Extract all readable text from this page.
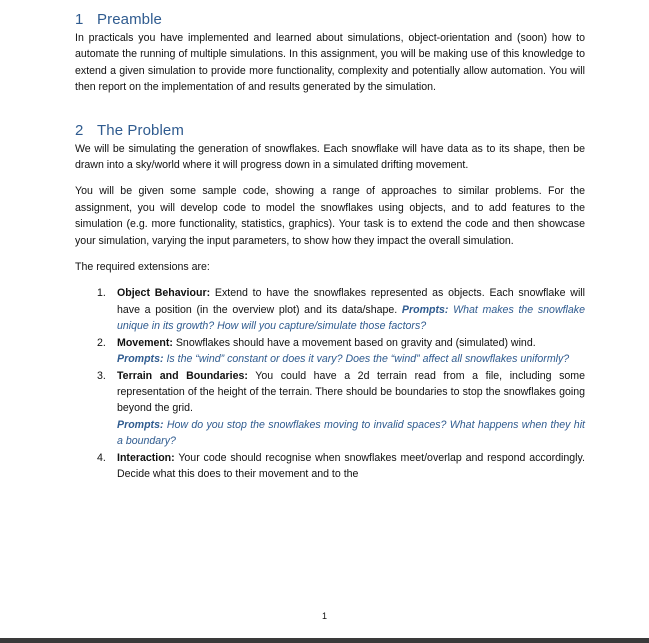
1 Preamble

In practicals you have implemented and learned about simulations, object-orientation and (soon) how to automate the running of multiple simulations. In this assignment, you will be making use of this knowledge to extend a given simulation to provide more functionality, complexity and potentially allow automation. You will then report on the implementation of and results generated by the simulation.

2 The Problem

We will be simulating the generation of snowflakes. Each snowflake will have data as to its shape, then be drawn into a sky/world where it will progress down in a simulated drifting movement.

You will be given some sample code, showing a range of approaches to similar problems. For the assignment, you will develop code to model the snowflakes using objects, and to add features to the simulation (e.g. more functionality, statistics, graphics). Your task is to extend the code and then showcase your simulation, varying the input parameters, to show how they impact the overall simulation.

The required extensions are:

1. Object Behaviour: Extend to have the snowflakes represented as objects. Each snowflake will have a position (in the overview plot) and its data/shape. Prompts: What makes the snowflake unique in its growth? How will you capture/simulate those factors?
2. Movement: Snowflakes should have a movement based on gravity and (simulated) wind.
Prompts: Is the “wind” constant or does it vary? Does the “wind” affect all snowflakes uniformly?
3. Terrain and Boundaries: You could have a 2d terrain read from a file, including some representation of the height of the terrain. There should be boundaries to stop the snowflakes going beyond the grid.
Prompts: How do you stop the snowflakes moving to invalid spaces? What happens when they hit a boundary?
4. Interaction: Your code should recognise when snowflakes meet/overlap and respond accordingly. Decide what this does to their movement and to the
1
